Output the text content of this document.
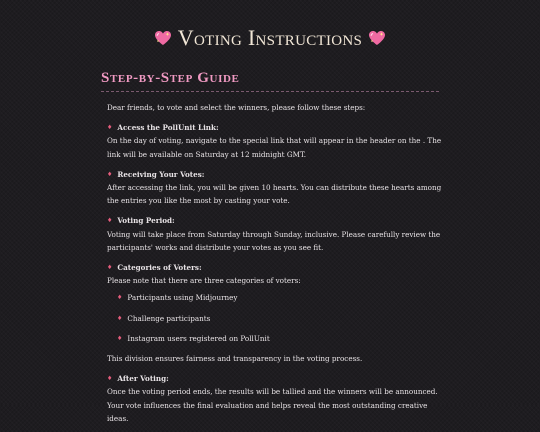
Voting Instructions
Step-by-Step Guide

Dear friends, to vote and select the winners, please follow these steps:

♦ Access the PollUnit Link:

On the day of voting, navigate to the special link that will appear in the header on the . The link will be available on Saturday at 12 midnight GMT.

♦ Receiving Your Votes:

After accessing the link, you will be given 10 hearts. You can distribute these hearts among the entries you like the most by casting your vote.

♦ Voting Period:

Voting will take place from Saturday through Sunday, inclusive. Please carefully review the participants' works and distribute your votes as you see fit.

♦ Categories of Voters:

Please note that there are three categories of voters:

♦ Participants using Midjourney

♦ Challenge participants

♦ Instagram users registered on PollUnit

This division ensures fairness and transparency in the voting process.

♦ After Voting:

Once the voting period ends, the results will be tallied and the winners will be announced. Your vote influences the final evaluation and helps reveal the most outstanding creative ideas.
